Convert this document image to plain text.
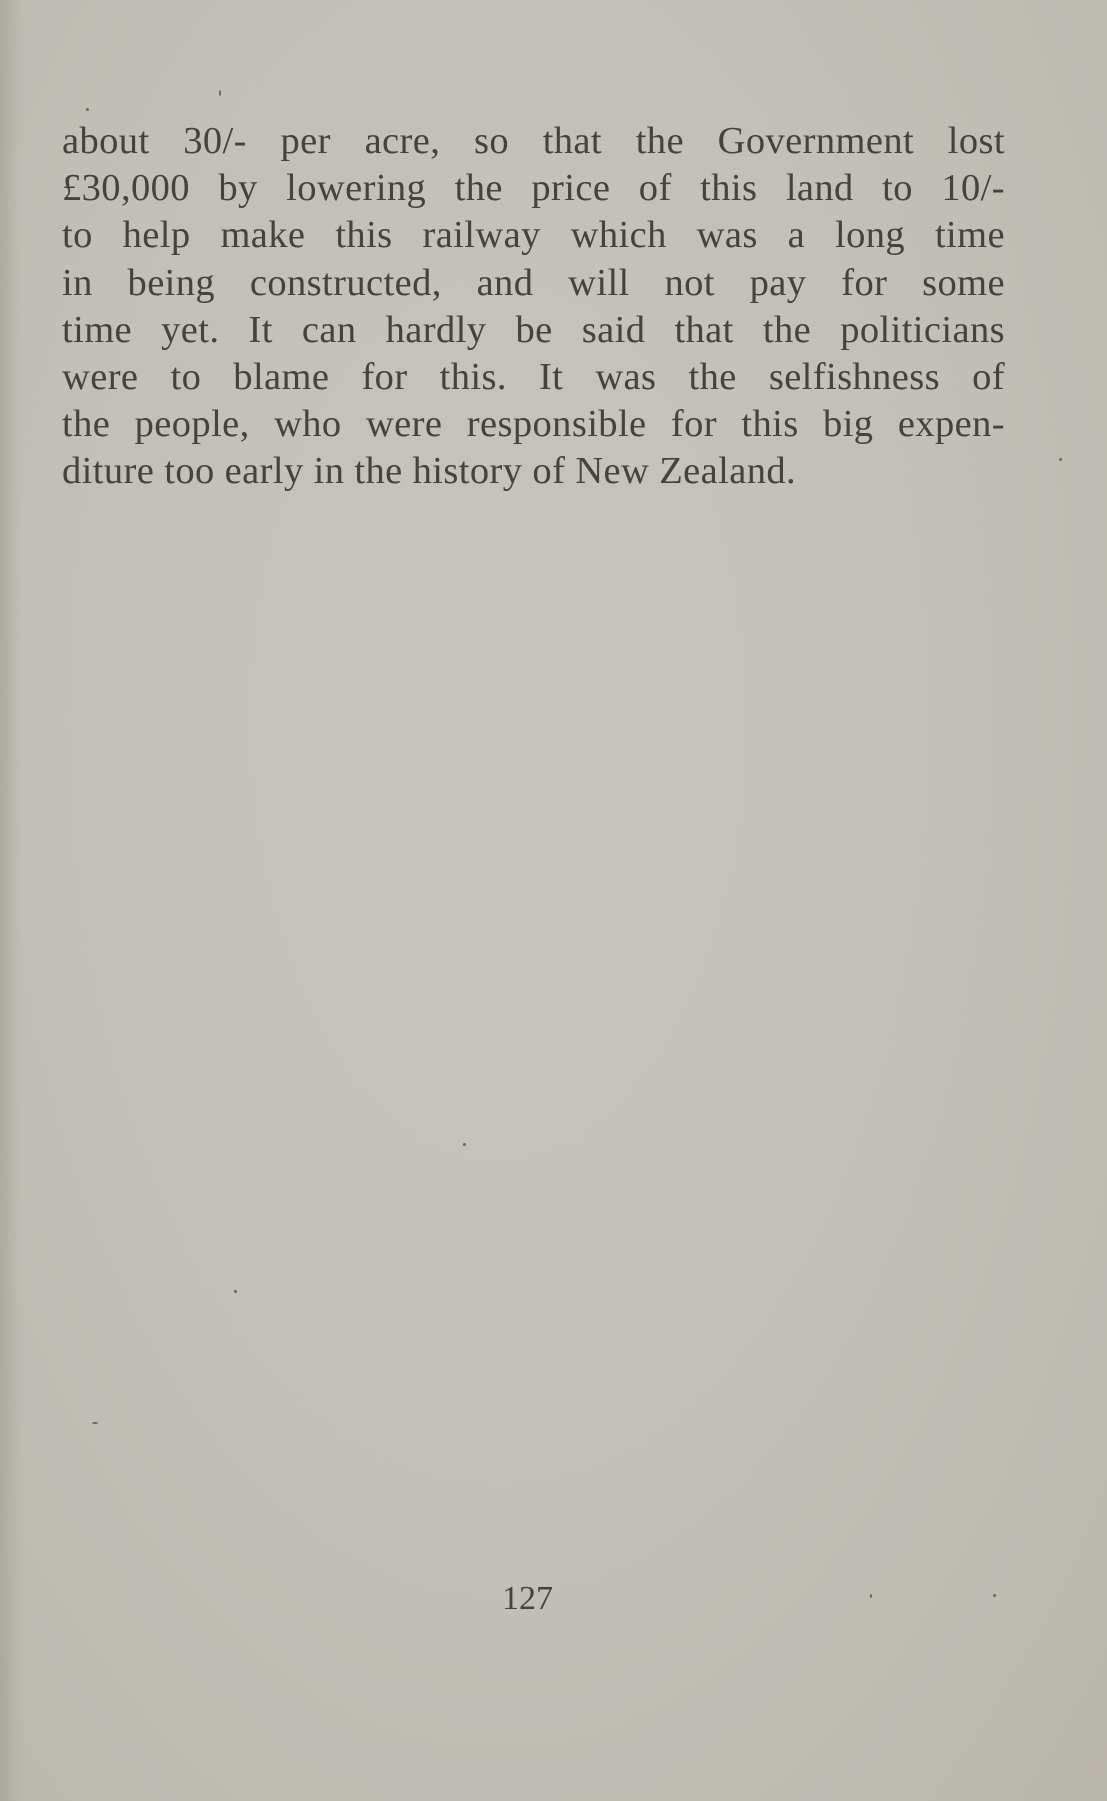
about 30/- per acre, so that the Government lost
£30,000 by lowering the price of this land to 10/-
to help make this railway which was a long time
in being constructed, and will not pay for some
time yet. It can hardly be said that the politicians
were to blame for this. It was the selfishness of
the people, who were responsible for this big expen-
diture too early in the history of New Zealand.
127
